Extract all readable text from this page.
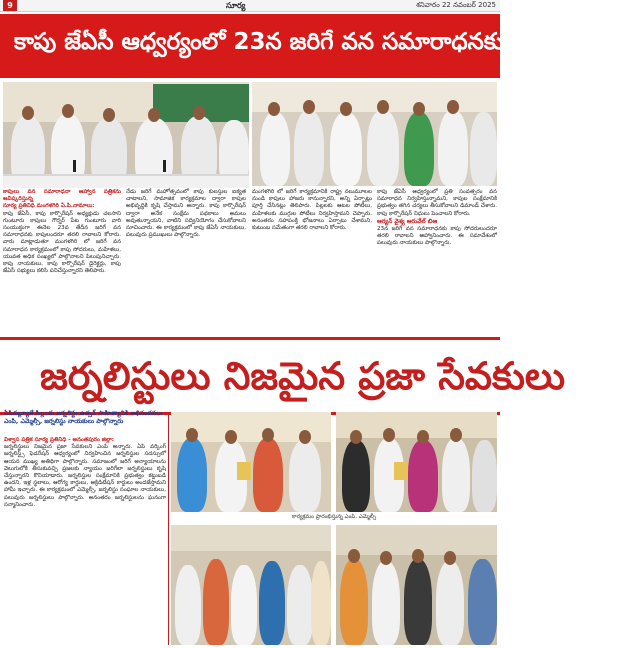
9	సూర్య	శనివారం 22 నవంబర్ 2025
కాపు జేఏసీ ఆధ్వర్యంలో 23న జరిగే వన సమారాధనకు తరలి రావాలి

కాపులు వన సమారాధనా ఆహ్వాన పత్రికను ఆవిష్కరిస్తున్న

సూర్య ప్రతినిధి మంగళగిరి ఏ.పి.నామాలు:

కాపు జేఏసీ, కాపు కార్పొరేషన్ అధ్యక్షుడు చలసాని గుంటూరు కాపులు గౌర్నర్ పేట గుంటూరు వారి సంయుక్తంగా ఈనెల 23వ తేదీన జరిగే వన సమారాధనకు కాపులందరూ తరలి రావాలని కోరారు. వారు మాట్లాడుతూ మంగళగిరి లో జరిగే వన సమారాధన కార్యక్రమంలో కాపు సోదరులు, మహిళలు, యువత అధిక సంఖ్యలో పాల్గొనాలని పిలుపునిచ్చారు. కాపు నాయకులు, కాపు కార్పొరేషన్ డైరెక్టర్లు, కాపు జేఏసీ సభ్యులు కలిసి పనిచేస్తున్నారని తెలిపారు.

నేడు జరిగే మహోత్సవంలో కాపు కులస్తుల ఐక్యత చాటాలని, సామాజిక కార్యక్రమాల ద్వారా కాపుల అభివృద్ధికి కృషి చేస్తామని అన్నారు. కాపు కార్పొరేషన్ ద్వారా అనేక సంక్షేమ పథకాలు అమలు అవుతున్నాయని, వాటిని సద్వినియోగం చేసుకోవాలని సూచించారు. ఈ కార్యక్రమంలో కాపు జేఏసీ నాయకులు, పలువురు ప్రముఖులు పాల్గొన్నారు.

మంగళగిరి లో జరిగే కార్యక్రమానికి రాష్ట్ర నలుమూలల నుండి కాపులు హాజరు కానున్నారని, అన్ని ఏర్పాట్లు పూర్తి చేసినట్లు తెలిపారు. పిల్లలకు ఆటల పోటీలు, మహిళలకు ముగ్గుల పోటీలు నిర్వహిస్తామని చెప్పారు. అనంతరం సహపంక్తి భోజనాలు ఏర్పాటు చేశామని, కుటుంబ సమేతంగా తరలి రావాలని కోరారు.

కాపు జేఏసీ ఆధ్వర్యంలో ప్రతి సంవత్సరం వన సమారాధన నిర్వహిస్తున్నామని, కాపుల సంక్షేమానికి ప్రభుత్వం తగిన చర్యలు తీసుకోవాలని డిమాండ్ చేశారు. కాపు కార్పొరేషన్ నిధులు పెంచాలని కోరారు.

ఆర్యన్ వైశ్య ఆరువేల్ బిఆ

23న జరిగే వన సమారాధనకు కాపు సోదరులందరూ తరలి రావాలని ఆహ్వానించారు. ఈ సమావేశంలో పలువురు నాయకులు పాల్గొన్నారు.

జర్నలిస్టులు నిజమైన ప్రజా సేవకులు
ఏపిడబ్ల్యూజే పిల్లలకు జర్నలిస్టు ఉత్సవ్ సాహిత్యానికి అభినందనలు ఎంపి, ఎమ్మెల్సీ, జర్నలిస్టు నాయకులు పాల్గొన్నారు

విశ్వాస పత్రిక సూర్య ప్రతినిధి - అనంతపురం జిల్లా:

జర్నలిస్టులు నిజమైన ప్రజా సేవకులని ఎంపి అన్నారు. ఏపి వర్కింగ్ జర్నలిస్ట్స్ ఫెడరేషన్ ఆధ్వర్యంలో నిర్వహించిన జర్నలిస్టుల సదస్సులో ఆయన ముఖ్య అతిథిగా పాల్గొన్నారు. సమాజంలో జరిగే అన్యాయాలను వెలుగులోకి తీసుకువచ్చి ప్రజలకు న్యాయం జరిగేలా జర్నలిస్టులు కృషి చేస్తున్నారని కొనియాడారు. జర్నలిస్టుల సంక్షేమానికి ప్రభుత్వం కట్టుబడి ఉందని, ఇళ్ల స్థలాలు, ఆరోగ్య కార్డులు, అక్రిడిటేషన్ కార్డులు అందజేస్తామని హామీ ఇచ్చారు. ఈ కార్యక్రమంలో ఎమ్మెల్సీ, జర్నలిస్టు సంఘాల నాయకులు, పలువురు జర్నలిస్టులు పాల్గొన్నారు. అనంతరం జర్నలిస్టులను ఘనంగా సన్మానించారు.

కార్యక్రమం ప్రారంభిస్తున్న ఎంపి, ఎమ్మెల్సీ
